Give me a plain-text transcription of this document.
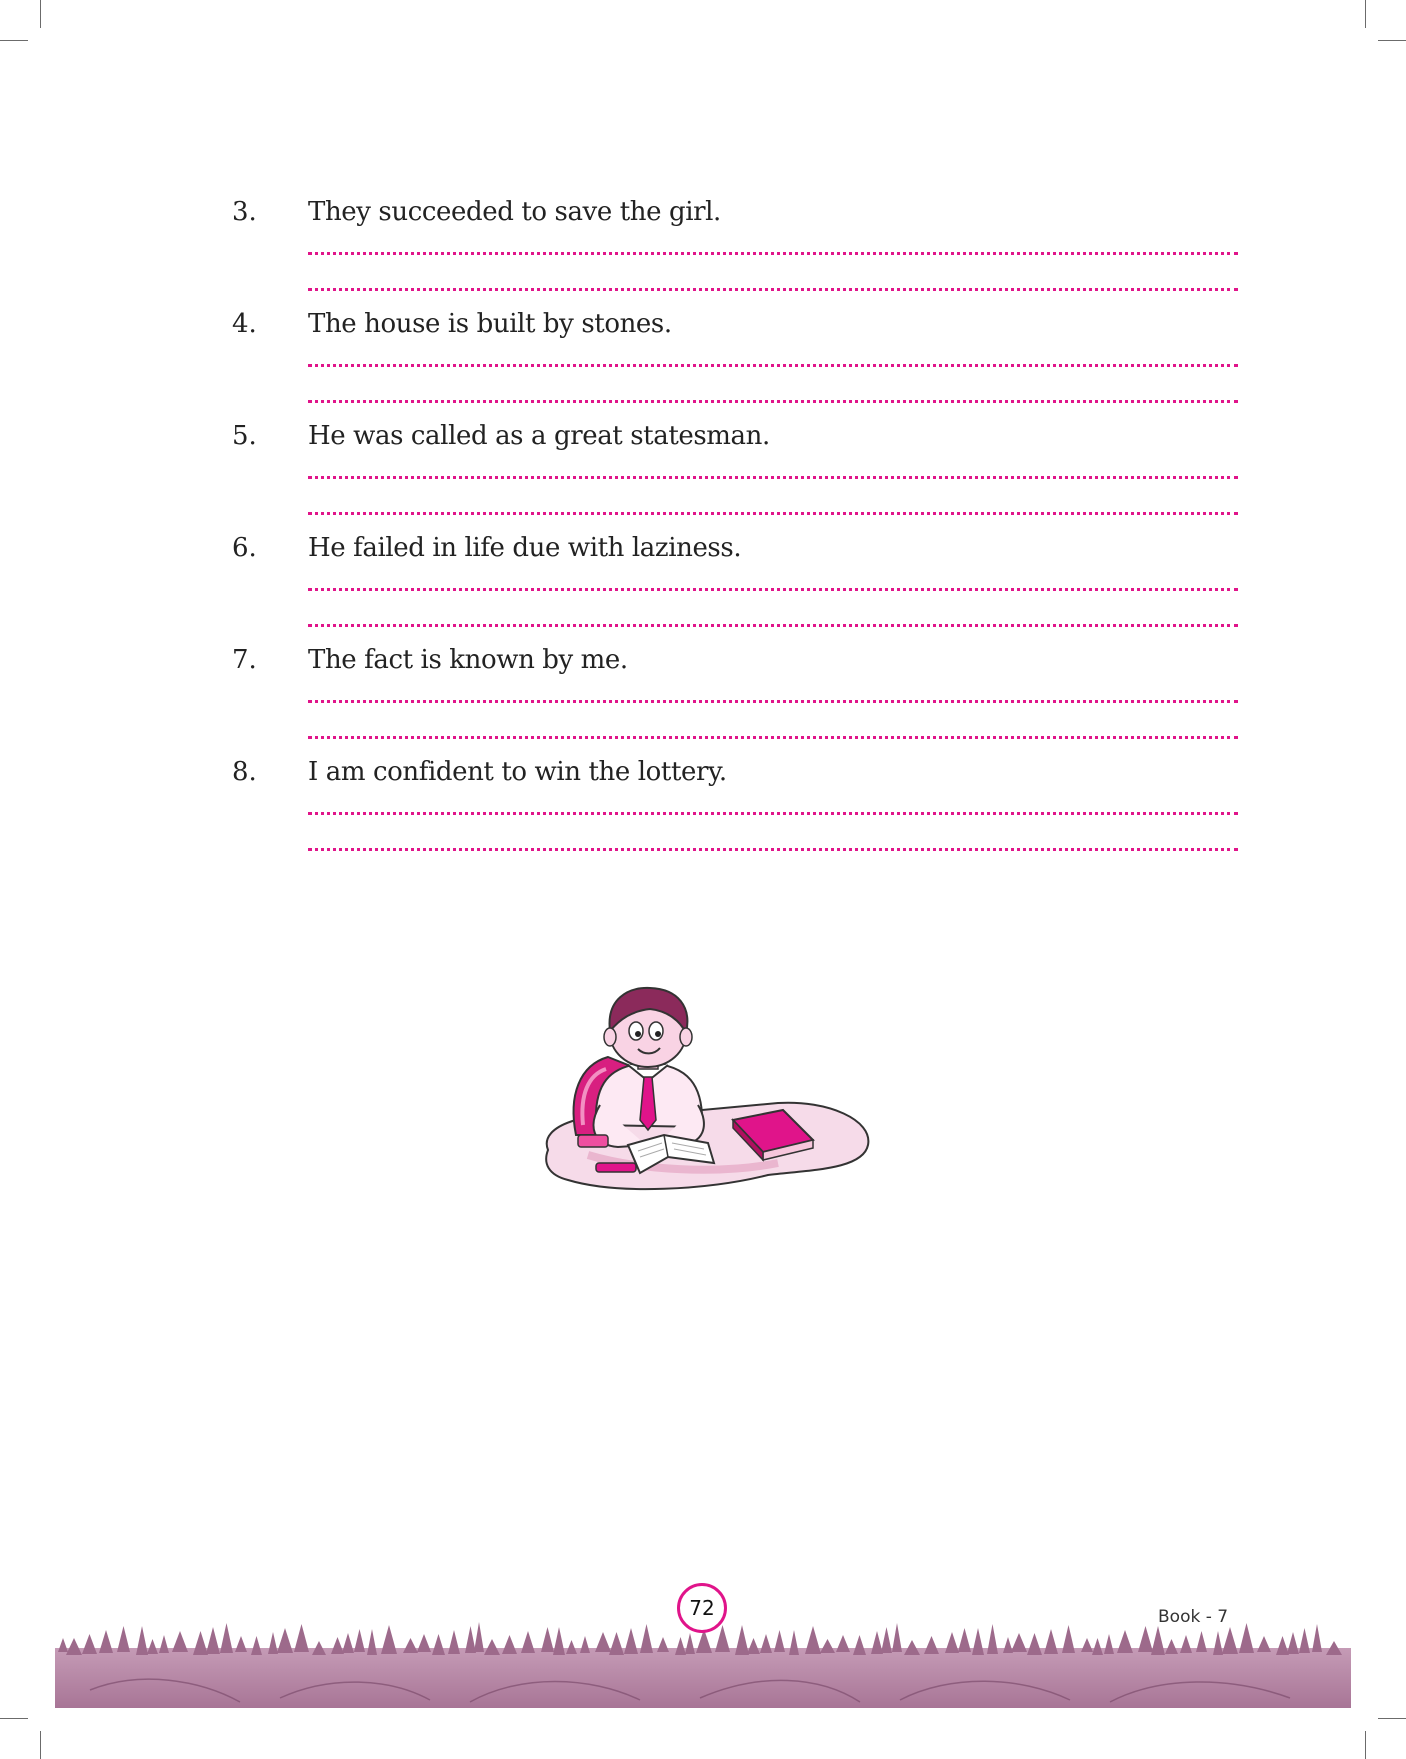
3. They succeeded to save the girl.
4. The house is built by stones.
5. He was called as a great statesman.
6. He failed in life due with laziness.
7. The fact is known by me.
8. I am confident to win the lottery.
72	Book - 7
